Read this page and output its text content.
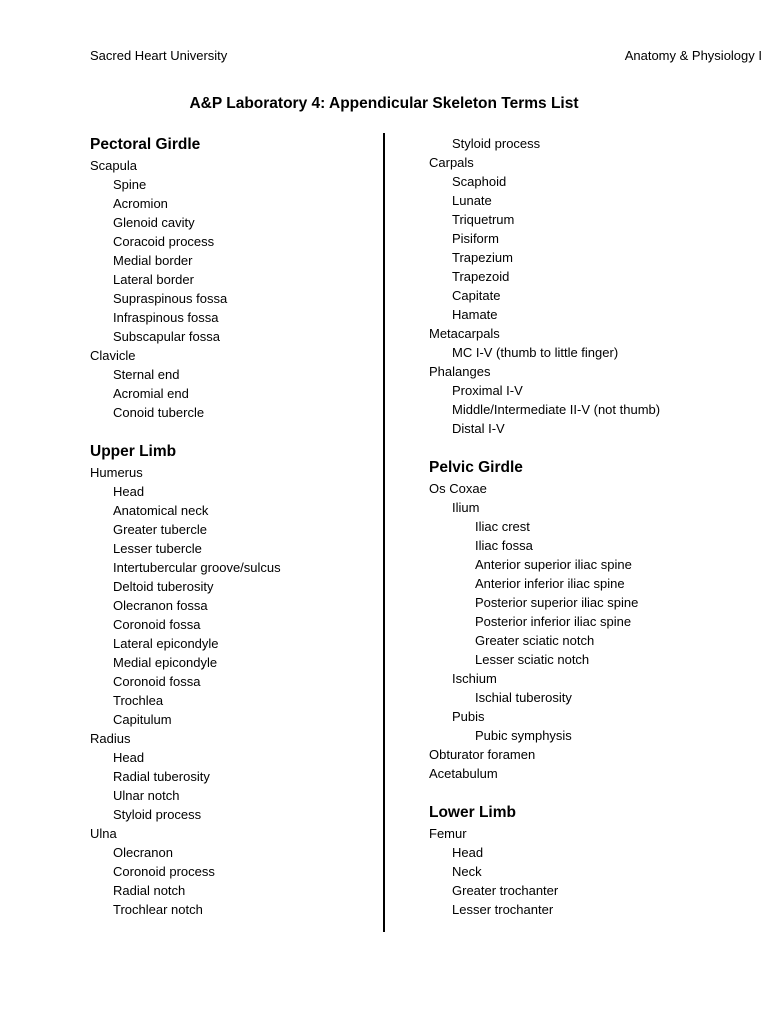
Sacred Heart University	Anatomy & Physiology I
A&P Laboratory 4: Appendicular Skeleton Terms List
Pectoral Girdle
Scapula
Spine
Acromion
Glenoid cavity
Coracoid process
Medial border
Lateral border
Supraspinous fossa
Infraspinous fossa
Subscapular fossa
Clavicle
Sternal end
Acromial end
Conoid tubercle
Upper Limb
Humerus
Head
Anatomical neck
Greater tubercle
Lesser tubercle
Intertubercular groove/sulcus
Deltoid tuberosity
Olecranon fossa
Coronoid fossa
Lateral epicondyle
Medial epicondyle
Coronoid fossa
Trochlea
Capitulum
Radius
Head
Radial tuberosity
Ulnar notch
Styloid process
Ulna
Olecranon
Coronoid process
Radial notch
Trochlear notch
Styloid process
Carpals
Scaphoid
Lunate
Triquetrum
Pisiform
Trapezium
Trapezoid
Capitate
Hamate
Metacarpals
MC I-V (thumb to little finger)
Phalanges
Proximal I-V
Middle/Intermediate II-V (not thumb)
Distal I-V
Pelvic Girdle
Os Coxae
Ilium
Iliac crest
Iliac fossa
Anterior superior iliac spine
Anterior inferior iliac spine
Posterior superior iliac spine
Posterior inferior iliac spine
Greater sciatic notch
Lesser sciatic notch
Ischium
Ischial tuberosity
Pubis
Pubic symphysis
Obturator foramen
Acetabulum
Lower Limb
Femur
Head
Neck
Greater trochanter
Lesser trochanter
